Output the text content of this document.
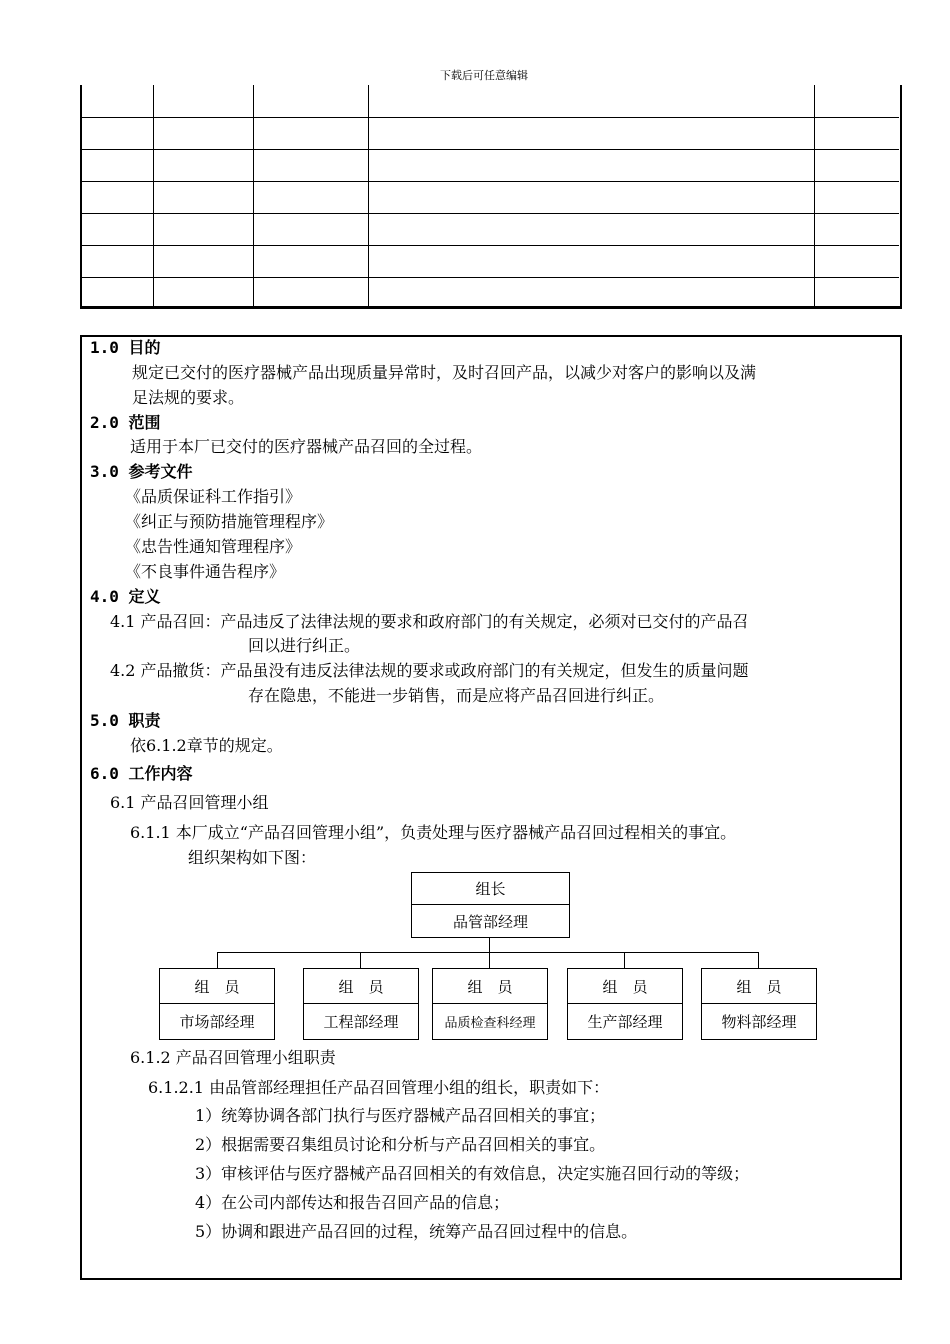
下载后可任意编辑
1.0 目的
规定已交付的医疗器械产品出现质量异常时，及时召回产品，以减少对客户的影响以及满
足法规的要求。
2.0 范围
适用于本厂已交付的医疗器械产品召回的全过程。
3.0 参考文件
《品质保证科工作指引》
《纠正与预防措施管理程序》
《忠告性通知管理程序》
《不良事件通告程序》
4.0 定义
4.1 产品召回：产品违反了法律法规的要求和政府部门的有关规定，必须对已交付的产品召
回以进行纠正。
4.2 产品撤货：产品虽没有违反法律法规的要求或政府部门的有关规定，但发生的质量问题
存在隐患，不能进一步销售，而是应将产品召回进行纠正。
5.0 职责
依6.1.2章节的规定。
6.0 工作内容
6.1 产品召回管理小组
6.1.1 本厂成立“产品召回管理小组”，负责处理与医疗器械产品召回过程相关的事宜。
组织架构如下图：
6.1.2 产品召回管理小组职责
6.1.2.1 由品管部经理担任产品召回管理小组的组长，职责如下：
1）统筹协调各部门执行与医疗器械产品召回相关的事宜；
2）根据需要召集组员讨论和分析与产品召回相关的事宜。
3）审核评估与医疗器械产品召回相关的有效信息，决定实施召回行动的等级；
4）在公司内部传达和报告召回产品的信息；
5）协调和跟进产品召回的过程，统筹产品召回过程中的信息。
组长
品管部经理
组　员
市场部经理
组　员
工程部经理
组　员
品质检查科经理
组　员
生产部经理
组　员
物料部经理
